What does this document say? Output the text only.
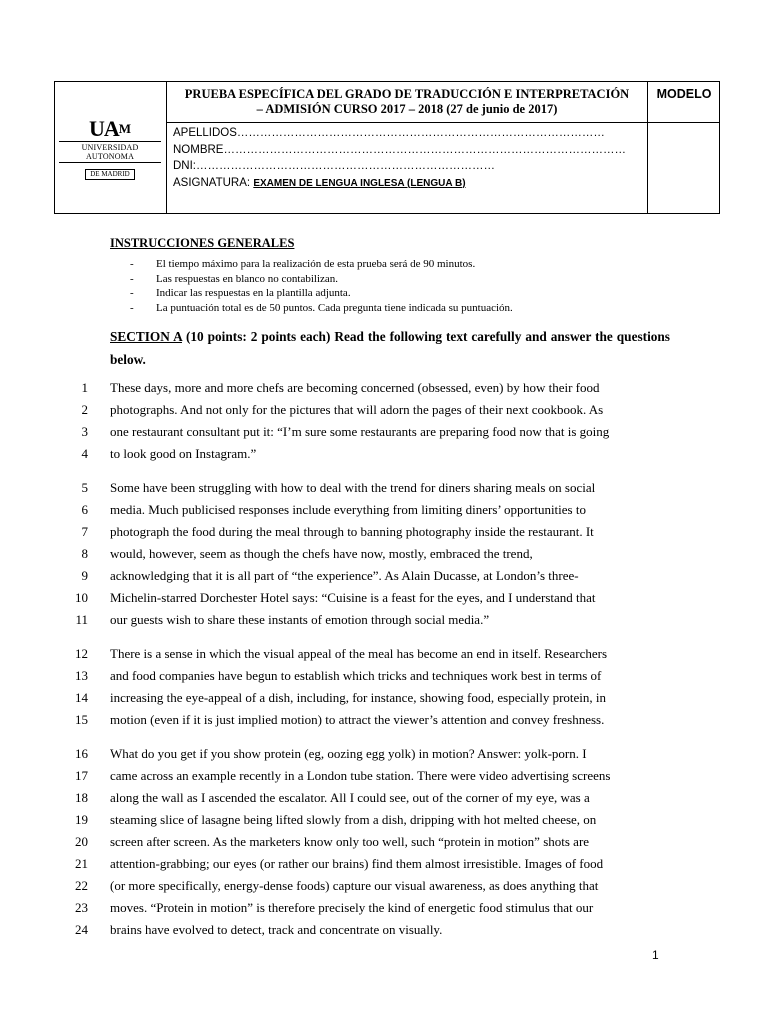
$UA^M$
UNIVERSIDAD AUTONOMA
DE MADRID
PRUEBA ESPECÍFICA DEL GRADO DE TRADUCCIÓN E INTERPRETACIÓN
– ADMISIÓN CURSO 2017 – 2018 (27 de junio de 2017)
MODELO
APELLIDOS……………………………………………………………………………………
NOMBRE……………………………………………………………………………………………
DNI:……………………………………………………………………
ASIGNATURA: EXAMEN DE LENGUA INGLESA (LENGUA B)
INSTRUCCIONES GENERALES
- El tiempo máximo para la realización de esta prueba será de 90 minutos.
- Las respuestas en blanco no contabilizan.
- Indicar las respuestas en la plantilla adjunta.
- La puntuación total es de 50 puntos. Cada pregunta tiene indicada su puntuación.
SECTION A (10 points: 2 points each) Read the following text carefully and answer the questions below.
1 These days, more and more chefs are becoming concerned (obsessed, even) by how their food
2 photographs. And not only for the pictures that will adorn the pages of their next cookbook. As
3 one restaurant consultant put it: “I’m sure some restaurants are preparing food now that is going
4 to look good on Instagram.”
5 Some have been struggling with how to deal with the trend for diners sharing meals on social
6 media. Much publicised responses include everything from limiting diners’ opportunities to
7 photograph the food during the meal through to banning photography inside the restaurant. It
8 would, however, seem as though the chefs have now, mostly, embraced the trend,
9 acknowledging that it is all part of “the experience”. As Alain Ducasse, at London’s three-
10 Michelin-starred Dorchester Hotel says: “Cuisine is a feast for the eyes, and I understand that
11 our guests wish to share these instants of emotion through social media.”
12 There is a sense in which the visual appeal of the meal has become an end in itself. Researchers
13 and food companies have begun to establish which tricks and techniques work best in terms of
14 increasing the eye-appeal of a dish, including, for instance, showing food, especially protein, in
15 motion (even if it is just implied motion) to attract the viewer’s attention and convey freshness.
16 What do you get if you show protein (eg, oozing egg yolk) in motion? Answer: yolk-porn. I
17 came across an example recently in a London tube station. There were video advertising screens
18 along the wall as I ascended the escalator. All I could see, out of the corner of my eye, was a
19 steaming slice of lasagne being lifted slowly from a dish, dripping with hot melted cheese, on
20 screen after screen. As the marketers know only too well, such “protein in motion” shots are
21 attention-grabbing; our eyes (or rather our brains) find them almost irresistible. Images of food
22 (or more specifically, energy-dense foods) capture our visual awareness, as does anything that
23 moves. “Protein in motion” is therefore precisely the kind of energetic food stimulus that our
24 brains have evolved to detect, track and concentrate on visually.
1
